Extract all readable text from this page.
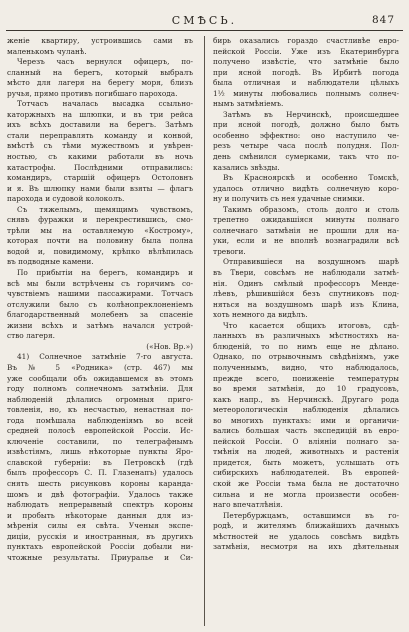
СМѢСЬ.	847
женіе квартиру, устроившись сами въ
маленькомъ чуланѣ.
Черезъ часъ вернулся офицеръ, по-
сланный на берегъ, который выбралъ
мѣсто для лагеря на берегу моря, близъ
ручья, прямо противъ погибшаго парохода.
Тотчасъ началась высадка ссыльно-
каторжныхъ на шлюпки, и въ три рейса
ихъ всѣхъ доставили на берегъ. Затѣмъ
стали переправлять команду и конвой,
вмѣстѣ съ тѣми мужествомъ и увѣрен-
ностью, съ какими работали въ ночь
катастрофы. Послѣдними отправились:
командиръ, старшій офицеръ Остоловнъ
и я. Въ шлюпку нами были взяты — флагъ
парохода и судовой колоколъ.
Съ тяжелымъ, щемящимъ чувствомъ,
снявъ фуражки и перекрестившись, смо-
трѣли мы на оставляемую «Кострому»,
которая почти на половину была полна
водой и, повидимому, крѣпко вѣлѣпилась
въ подводные камени.
По прибытіи на берегъ, командиръ и
всѣ мы были встрѣчены съ горячимъ со-
чувствіемъ нашими пассажирами. Тотчасъ
отслужили было съ колѣнопреклоненіемъ
благодарственный молебенъ за спасеніе
жизни всѣхъ и затѣмъ начался устрой-
ство лагеря.
(«Нов. Вр.»)
41) Солнечное затмѣніе 7-го августа.
Въ № 5 «Родника» (стр. 467) мы
уже сообщали объ ожидавшемся въ этомъ
году полномъ солнечномъ затмѣніи. Для
наблюденій дѣлались огромныя приго-
товленія, но, къ несчастью, ненастная по-
года помѣшала наблюденіямъ во всей
средней полосѣ европейской Россіи. Ис-
ключеніе составили, по телеграфнымъ
извѣстіямъ, лишь нѣкоторые пункты Яро-
славской губерніи: въ Петровскѣ (гдѣ
былъ профессоръ С. П. Глазенапъ) удалось
снять шесть рисунковъ короны каранда-
шомъ и двѣ фотографіи. Удалось также
наблюдать непрерывный спектръ короны
и пробыть нѣкоторые данныя для из-
мѣренія силы ея свѣта. Ученыя экспе-
диціи, русскія и иностранныя, въ другихъ
пунктахъ европейской Россіи добыли ни-
чтожные результаты. Приуралье и Си-
бирь оказались гораздо счастливѣе евро-
пейской Россіи. Уже изъ Екатеринбурга
получено извѣстіе, что затмѣніе было
при ясной погодѣ. Въ Ирбитѣ погода
была отличная и наблюдатели цѣлыхъ
1½ минуты любовались полнымъ солнеч-
нымъ затмѣніемъ.
Затѣмъ въ Нерчинскѣ, происшедшее
при ясной погодѣ, должно было быть
особенно эффектно: оно наступило че-
резъ четыре часа послѣ полудня. Пол-
день смѣнился сумерками, такъ что по-
казались звѣзды.
Въ Красноярскѣ и особенно Томскѣ,
удалось отлично видѣть солнечную коро-
ну и получить съ нея удачные снимки.
Такимъ образомъ, столь долго и столь
трепетно ожидавшіяся минуты полнаго
солнечнаго затмѣнія не прошли для на-
уки, если и не вполнѣ вознаградили всѣ
тревоги.
Отправившіеся на воздушномъ шарѣ
въ Твери, совсѣмъ не наблюдали затмѣ-
нія. Одинъ смѣлый профессоръ Менде-
лѣевъ, рѣшившійся безъ спутниковъ под-
няться на воздушномъ шарѣ изъ Клина,
хоть немного да видѣлъ.
Что касается общихъ итоговъ, сдѣ-
ланныхъ въ различныхъ мѣстностяхъ на-
блюденій, то по нимъ еще не дѣлано.
Однако, по отрывочнымъ свѣдѣніямъ, уже
полученнымъ, видно, что наблюдалось,
прежде всего, пониженіе температуры
во время затмѣнія, до 10 градусовъ,
какъ напр., въ Нерчинскѣ. Другаго рода
метеорологическія наблюденія дѣлались
во многихъ пунктахъ: ими и органичи-
вались большая часть экспедицій въ евро-
пейской Россіи. О вліяніи полнаго за-
тмѣнія на людей, животныхъ и растенія
придется, быть можетъ, услышать отъ
сибирскихъ наблюдателей. Въ европей-
ской же Россіи тьма была не достаточно
сильна и не могла произвести особен-
наго впечатлѣнія.
Петербуржцамъ, оставшимся въ го-
родѣ, и жителямъ ближайшихъ дачныхъ
мѣстностей не удалось совсѣмъ видѣть
затмѣнія, несмотря на ихъ дѣятельныя
